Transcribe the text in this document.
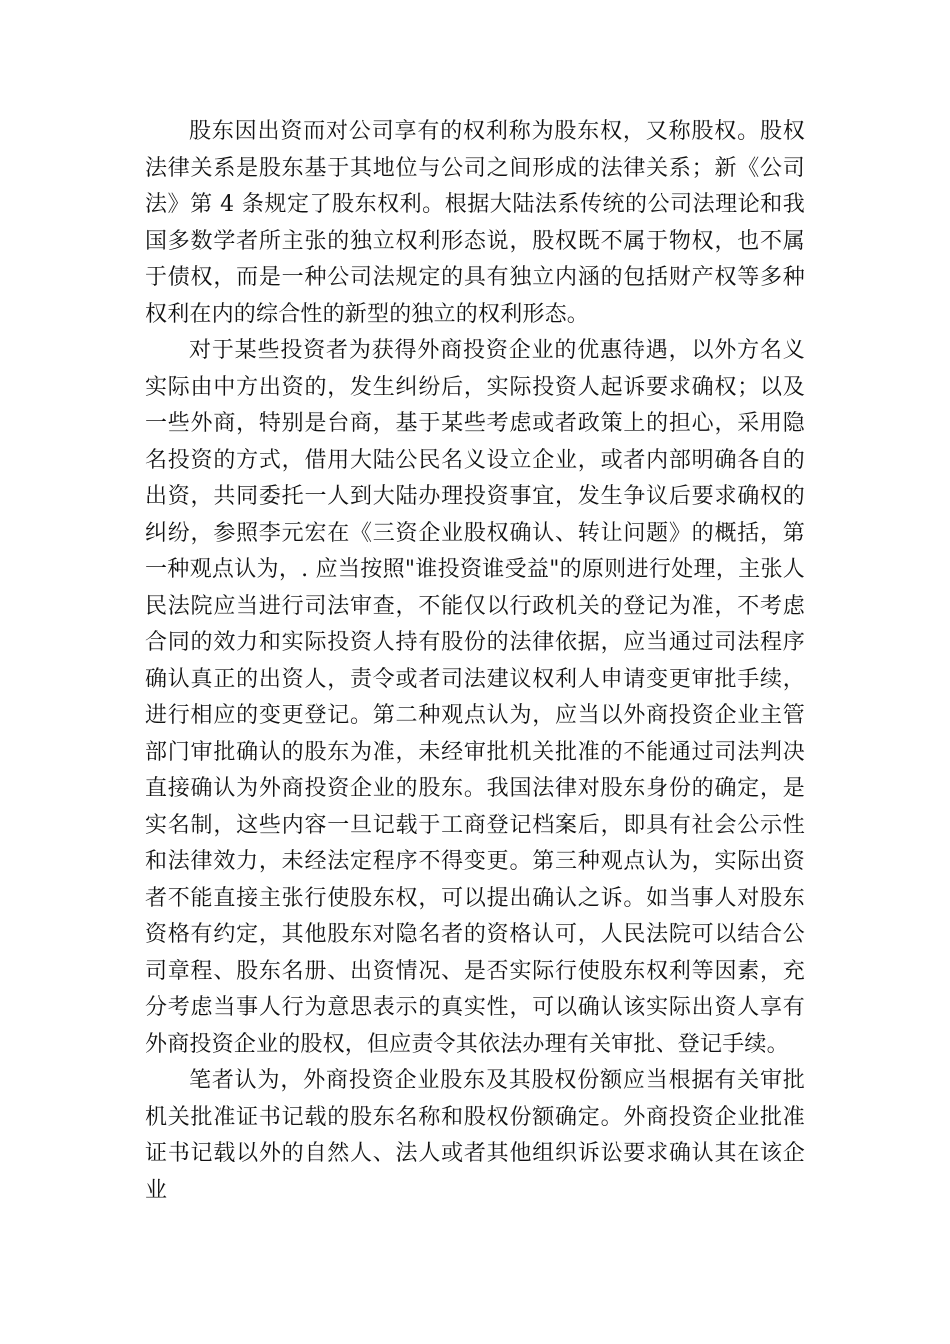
股东因出资而对公司享有的权利称为股东权，又称股权。股权法律关系是股东基于其地位与公司之间形成的法律关系；新《公司法》第 4 条规定了股东权利。根据大陆法系传统的公司法理论和我国多数学者所主张的独立权利形态说，股权既不属于物权，也不属于债权，而是一种公司法规定的具有独立内涵的包括财产权等多种权利在内的综合性的新型的独立的权利形态。

对于某些投资者为获得外商投资企业的优惠待遇，以外方名义实际由中方出资的，发生纠纷后，实际投资人起诉要求确权；以及一些外商，特别是台商，基于某些考虑或者政策上的担心，采用隐名投资的方式，借用大陆公民名义设立企业，或者内部明确各自的出资，共同委托一人到大陆办理投资事宜，发生争议后要求确权的纠纷，参照李元宏在《三资企业股权确认、转让问题》的概括，第一种观点认为，. 应当按照"谁投资谁受益"的原则进行处理，主张人民法院应当进行司法审查，不能仅以行政机关的登记为准，不考虑合同的效力和实际投资人持有股份的法律依据，应当通过司法程序确认真正的出资人，责令或者司法建议权利人申请变更审批手续，进行相应的变更登记。第二种观点认为，应当以外商投资企业主管部门审批确认的股东为准，未经审批机关批准的不能通过司法判决直接确认为外商投资企业的股东。我国法律对股东身份的确定，是实名制，这些内容一旦记载于工商登记档案后，即具有社会公示性和法律效力，未经法定程序不得变更。第三种观点认为，实际出资者不能直接主张行使股东权，可以提出确认之诉。如当事人对股东资格有约定，其他股东对隐名者的资格认可，人民法院可以结合公司章程、股东名册、出资情况、是否实际行使股东权利等因素，充分考虑当事人行为意思表示的真实性，可以确认该实际出资人享有外商投资企业的股权，但应责令其依法办理有关审批、登记手续。

笔者认为，外商投资企业股东及其股权份额应当根据有关审批机关批准证书记载的股东名称和股权份额确定。外商投资企业批准证书记载以外的自然人、法人或者其他组织诉讼要求确认其在该企业
